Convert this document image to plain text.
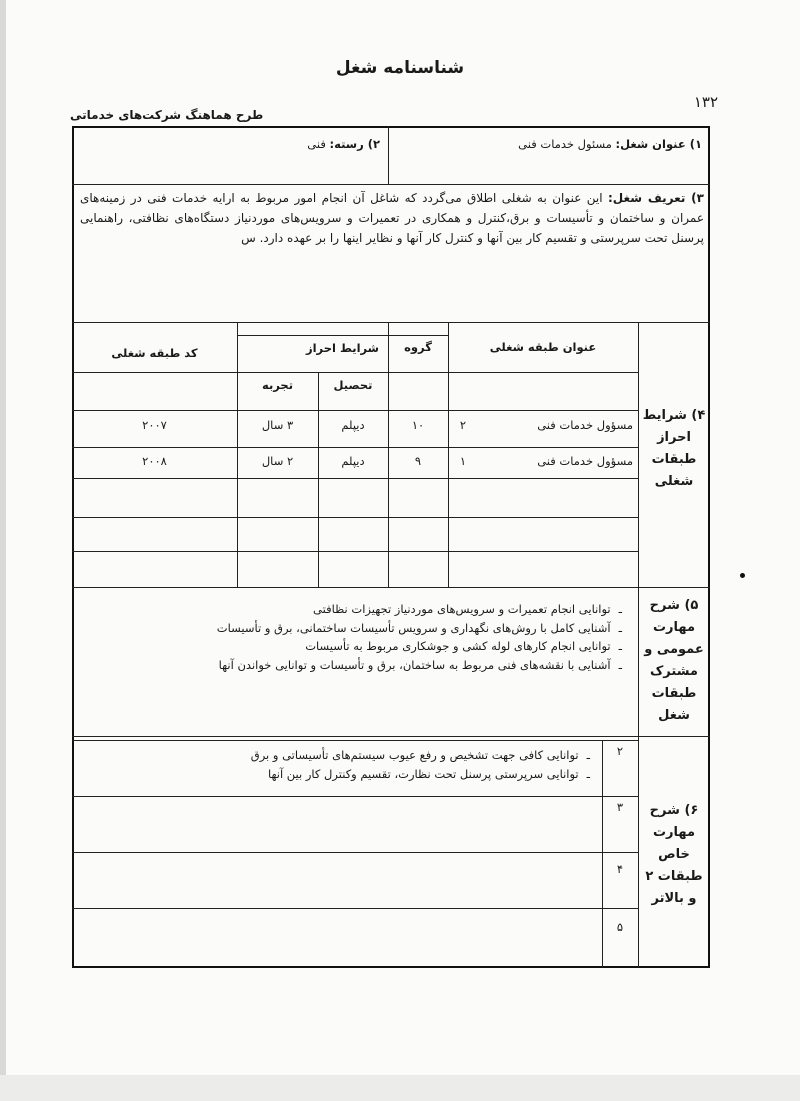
شناسنامه شغل
۱۳۲
طرح هماهنگ شرکت‌های خدماتی
۱) عنوان شغل: مسئول خدمات فنی
۲) رسته: فنی
۳) تعریف شغل: این عنوان به شغلی اطلاق می‌گردد که شاغل آن انجام امور مربوط به ارایه خدمات فنی در زمینه‌های عمران و ساختمان و تأسیسات و برق،کنترل و همکاری در تعمیرات و سرویس‌های موردنیاز دستگاه‌های نظافتی، راهنمایی پرسنل تحت سرپرستی و تقسیم کار بین آنها و کنترل کار آنها و نظایر اینها را بر عهده دارد. س
۴) شرایط
احراز
طبقات
شغلی
عنوان طبقه شغلی
گروه
شرایط احراز
تحصیل
تجربه
کد طبقه شغلی
مسؤول خدمات فنی
۲
۱۰
دیپلم
۳ سال
۲۰۰۷
مسؤول خدمات فنی
۱
۹
دیپلم
۲ سال
۲۰۰۸
۵) شرح
مهارت
عمومی و
مشترک
طبقات
شغل
ـتوانایی انجام تعمیرات و سرویس‌های موردنیاز تجهیزات نظافتی
ـآشنایی کامل با روش‌های نگهداری و سرویس تأسیسات ساختمانی، برق و تأسیسات
ـتوانایی انجام کارهای لوله کشی و جوشکاری مربوط به تأسیسات
ـآشنایی با نقشه‌های فنی مربوط به ساختمان، برق و تأسیسات و توانایی خواندن آنها
۶) شرح
مهارت
خاص
طبقات ۲
و بالاتر
۲
ـتوانایی کافی جهت تشخیص و رفع عیوب سیستم‌های تأسیساتی و برق
ـتوانایی سرپرستی پرسنل تحت نظارت، تقسیم وکنترل کار بین آنها
۳
۴
۵
